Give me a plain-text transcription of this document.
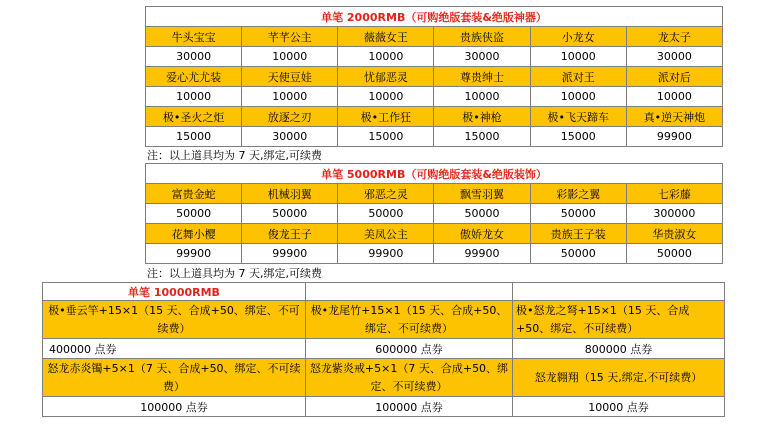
单笔 2000RMB（可购绝版套装&绝版神器）					
牛头宝宝	芊芊公主	薇薇女王	贵族侠盗	小龙女	龙太子
30000	10000	10000	30000	10000	30000
爱心尤尤装	天使豆娃	忧郁恶灵	尊贵绅士	派对王	派对后
10000	10000	10000	10000	10000	10000
极•圣火之炬	放逐之刃	极•工作狂	极•神枪	极•飞天蹄车	真•逆天神炮
15000	30000	15000	15000	15000	99900
注：以上道具均为 7 天,绑定,可续费
单笔 5000RMB（可购绝版套装&绝版装饰）					
富贵金蛇	机械羽翼	邪恶之灵	飘雪羽翼	彩影之翼	七彩藤
50000	50000	50000	50000	50000	300000
花舞小樱	俊龙王子	美凤公主	傲娇龙女	贵族王子装	华贵淑女
99900	99900	99900	99900	50000	50000
注：以上道具均为 7 天,绑定,可续费
单笔 10000RMB		
极•垂云竿+15×1（15 天、合成+50、绑定、不可续费）	极•龙尾竹+15×1（15 天、合成+50、绑定、不可续费）	极•怒龙之弩+15×1（15 天、合成+50、绑定、不可续费）
400000 点券	600000 点券	800000 点券
怒龙赤炎镯+5×1（7 天、合成+50、绑定、不可续费）	怒龙紫炎戒+5×1（7 天、合成+50、绑定、不可续费）	怒龙翱翔（15 天,绑定,不可续费）
100000 点券	100000 点券	10000 点券
